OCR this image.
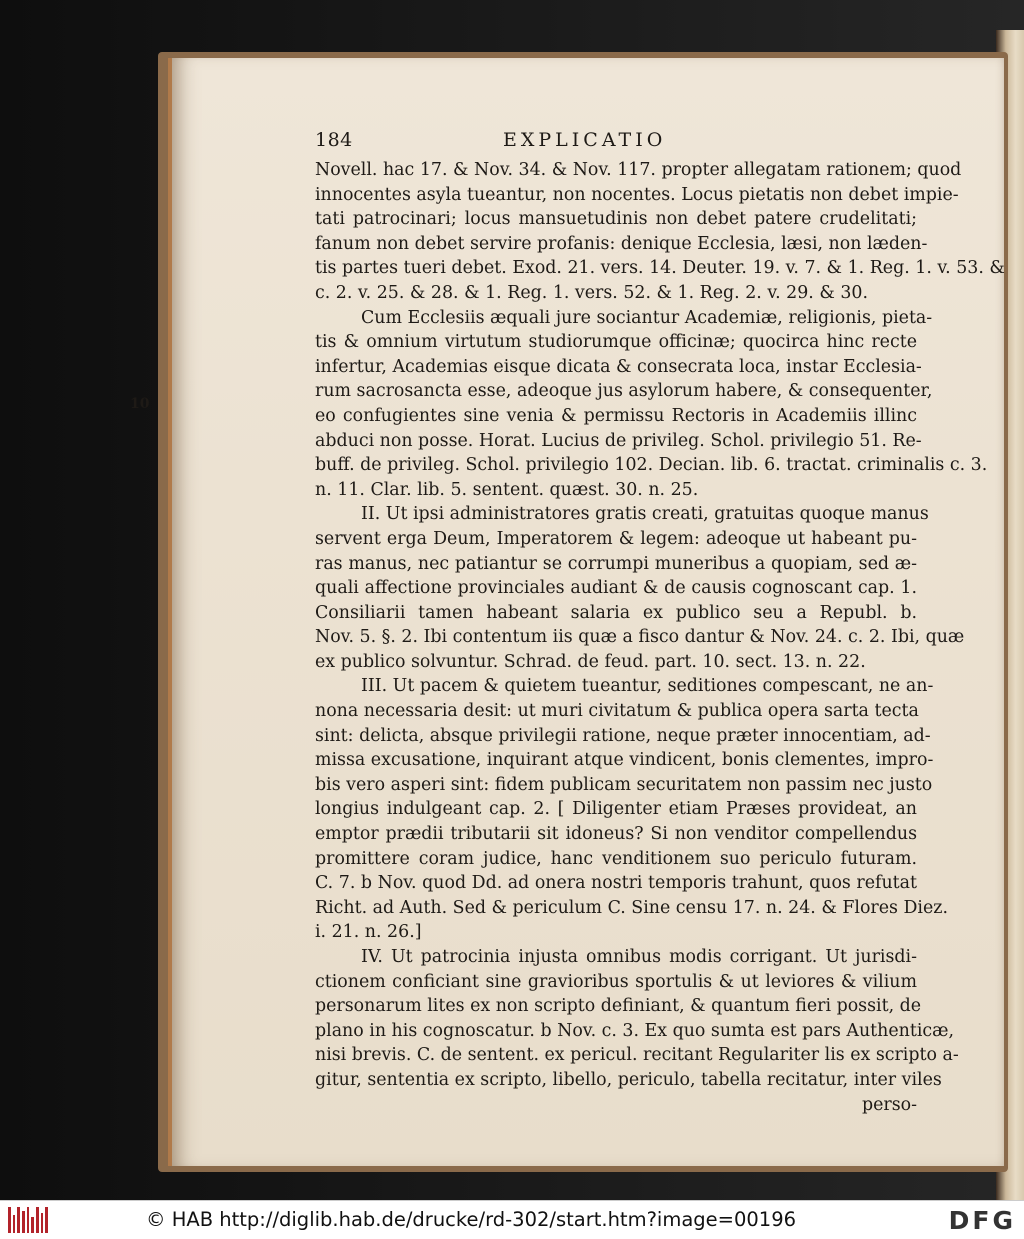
184	EXPLICATIO
Novell. hac 17. & Nov. 34. & Nov. 117. propter allegatam rationem; quod
innocentes asyla tueantur, non nocentes. Locus pietatis non debet impie-
tati patrocinari; locus mansuetudinis non debet patere crudelitati;
fanum non debet servire profanis: denique Ecclesia, læsi, non læden-
tis partes tueri debet. Exod. 21. vers. 14. Deuter. 19. v. 7. & 1. Reg. 1. v. 53. &
c. 2. v. 25. & 28. & 1. Reg. 1. vers. 52. & 1. Reg. 2. v. 29. & 30.
Cum Ecclesiis æquali jure sociantur Academiæ, religionis, pieta-
tis & omnium virtutum studiorumque officinæ; quocirca hinc recte
infertur, Academias eisque dicata & consecrata loca, instar Ecclesia-
rum sacrosancta esse, adeoque jus asylorum habere, & consequenter,
eo confugientes sine venia & permissu Rectoris in Academiis illinc
abduci non posse. Horat. Lucius de privileg. Schol. privilegio 51. Re-
buff. de privileg. Schol. privilegio 102. Decian. lib. 6. tractat. criminalis c. 3.
n. 11. Clar. lib. 5. sentent. quæst. 30. n. 25.
II. Ut ipsi administratores gratis creati, gratuitas quoque manus
servent erga Deum, Imperatorem & legem: adeoque ut habeant pu-
ras manus, nec patiantur se corrumpi muneribus a quopiam, sed æ-
quali affectione provinciales audiant & de causis cognoscant cap. 1.
Consiliarii tamen habeant salaria ex publico seu a Republ. b.
Nov. 5. §. 2. Ibi contentum iis quæ a fisco dantur & Nov. 24. c. 2. Ibi, quæ
ex publico solvuntur. Schrad. de feud. part. 10. sect. 13. n. 22.
III. Ut pacem & quietem tueantur, seditiones compescant, ne an-
nona necessaria desit: ut muri civitatum & publica opera sarta tecta
sint: delicta, absque privilegii ratione, neque præter innocentiam, ad-
missa excusatione, inquirant atque vindicent, bonis clementes, impro-
bis vero asperi sint: fidem publicam securitatem non passim nec justo
longius indulgeant cap. 2. [ Diligenter etiam Præses provideat, an
emptor prædii tributarii sit idoneus? Si non venditor compellendus
promittere coram judice, hanc venditionem suo periculo futuram.
C. 7. b Nov. quod Dd. ad onera nostri temporis trahunt, quos refutat
Richt. ad Auth. Sed & periculum C. Sine censu 17. n. 24. & Flores Diez.
i. 21. n. 26.]
IV. Ut patrocinia injusta omnibus modis corrigant. Ut jurisdi-
ctionem conficiant sine gravioribus sportulis & ut leviores & vilium
personarum lites ex non scripto definiant, & quantum fieri possit, de
plano in his cognoscatur. b Nov. c. 3. Ex quo sumta est pars Authenticæ,
nisi brevis. C. de sentent. ex pericul. recitant Regulariter lis ex scripto a-
gitur, sententia ex scripto, libello, periculo, tabella recitatur, inter viles
perso-
10
© HAB http://diglib.hab.de/drucke/rd-302/start.htm?image=00196	DFG
